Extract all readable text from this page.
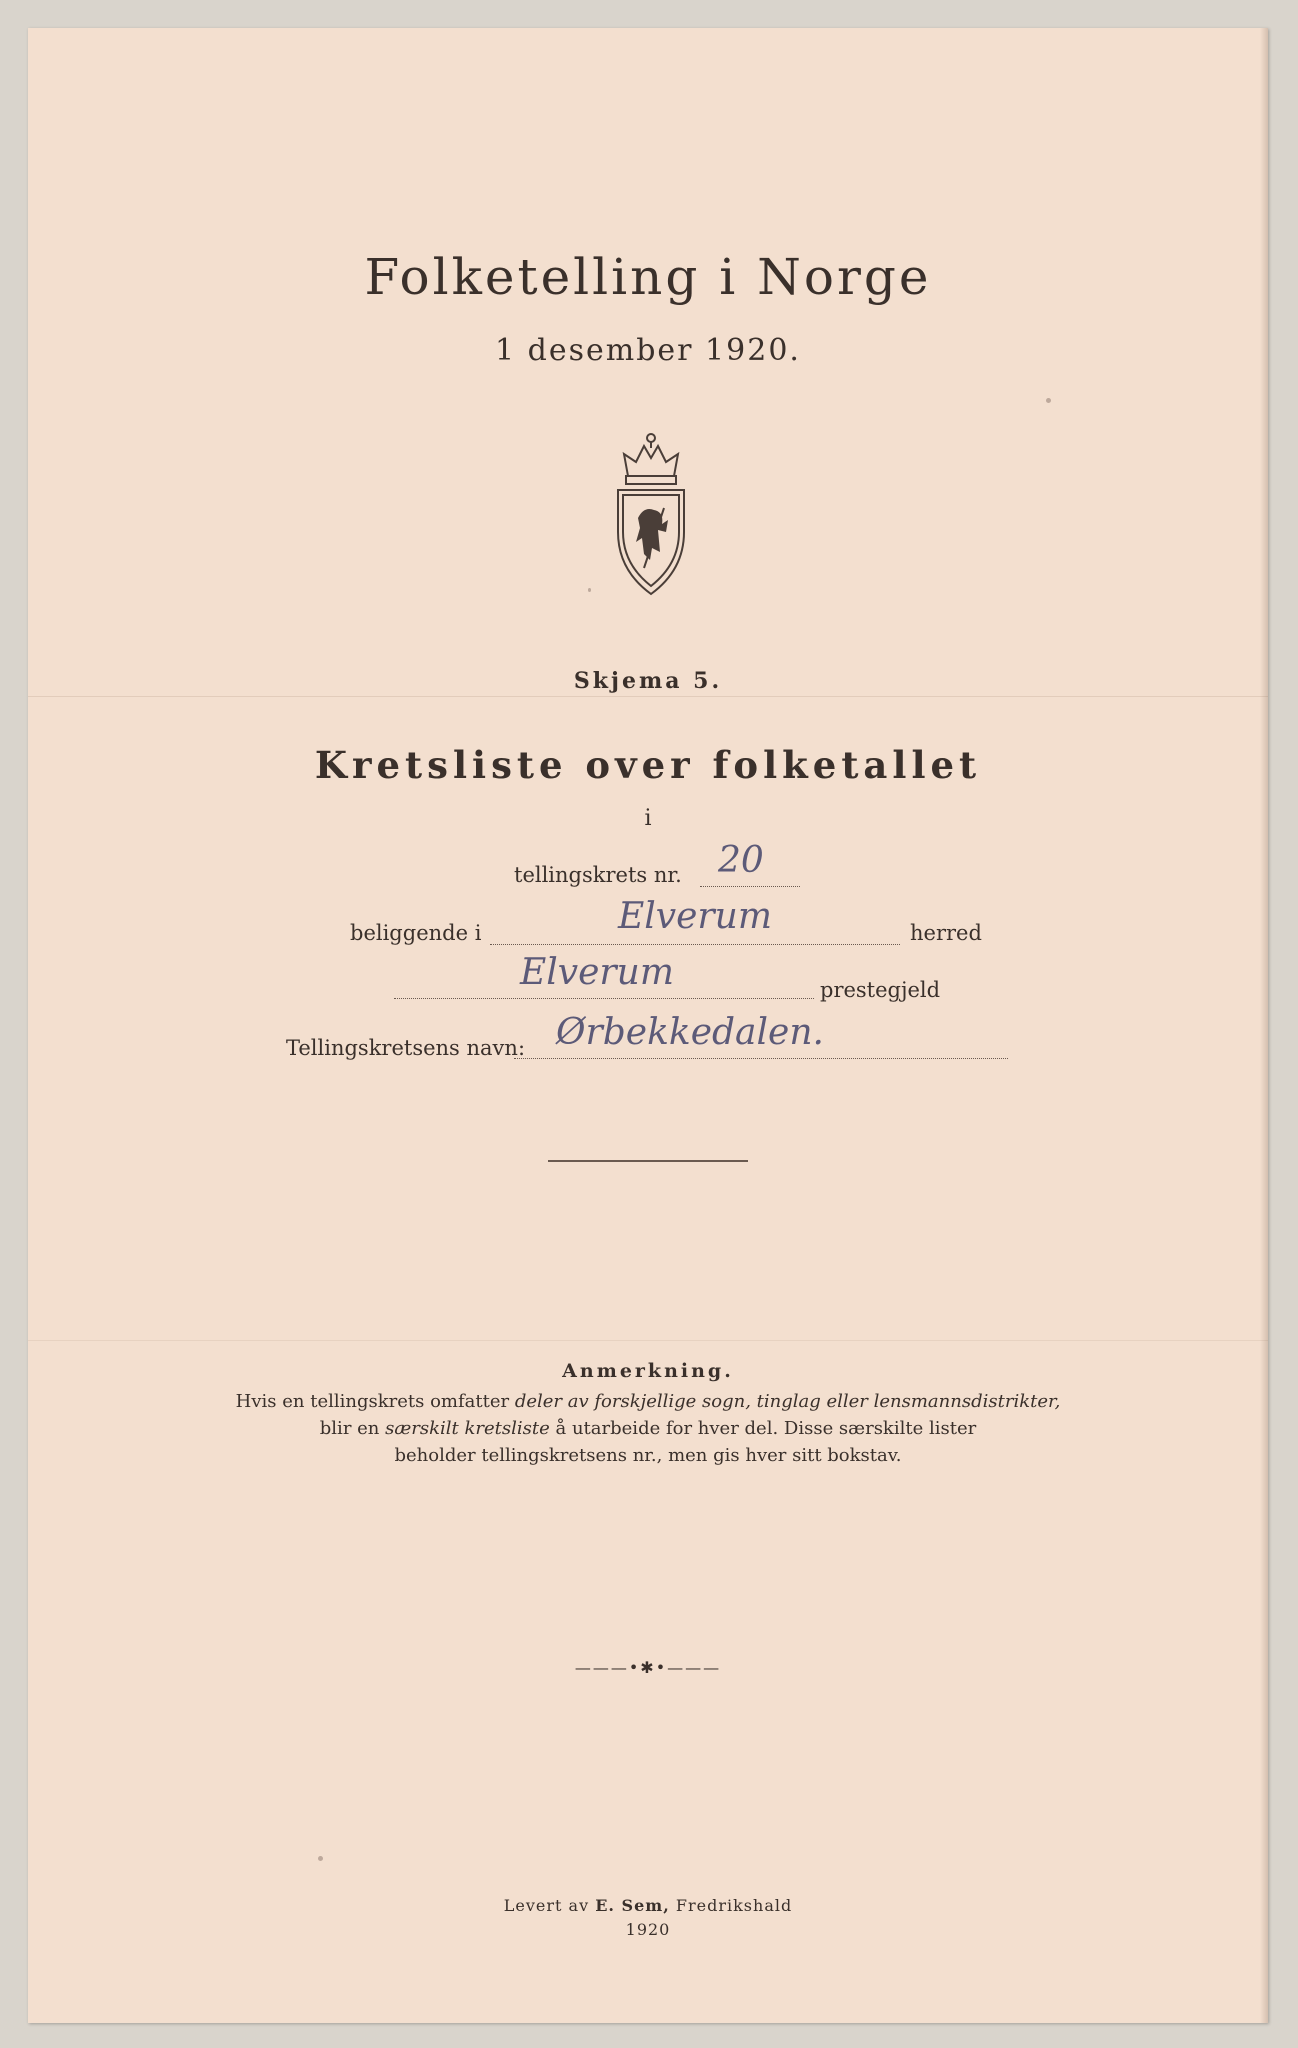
Folketelling i Norge
1 desember 1920.
Skjema 5.
Kretsliste over folketallet
i
tellingskrets nr. 20
beliggende i	Elverum	herred
Elverum	prestegjeld
Tellingskretsens navn: Ørbekkedalen.
Anmerkning.
Hvis en tellingskrets omfatter deler av forskjellige sogn, tinglag eller lensmannsdistrikter,
blir en særskilt kretsliste å utarbeide for hver del. Disse særskilte lister
beholder tellingskretsens nr., men gis hver sitt bokstav.
———•✱•———
Levert av E. Sem, Fredrikshald
1920
